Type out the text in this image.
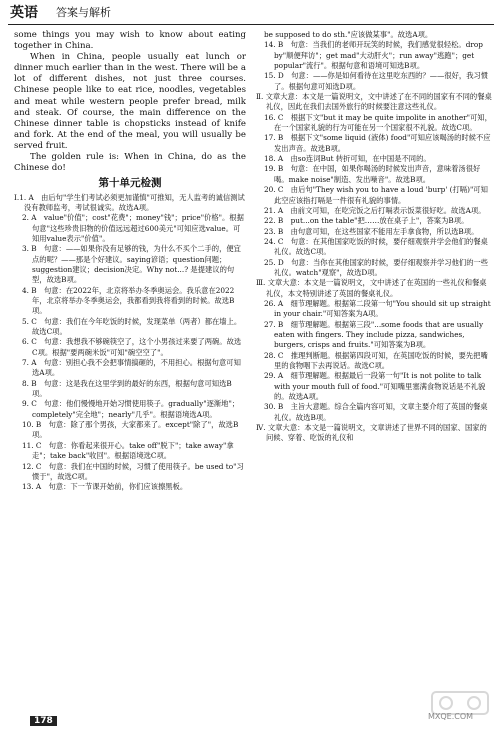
英语 答案与解析

some things you may wish to know about eating together in China.

When in China, people usually eat lunch or dinner much earlier than in the west. There will be a lot of different dishes, not just three courses. Chinese people like to eat rice, noodles, vegetables and meat while western people prefer bread, milk and steak. Of course, the main difference on the Chinese dinner table is chopsticks instead of knife and fork. At the end of the meal, you will usually be served fruit.

The golden rule is: When in China, do as the Chinese do!

第十单元检测

Ⅰ.1. A　由后句"学生们考试必须更加谨慎"可推知，无人监考的诚信测试没有教师监考，考试很诚实。故选A项。

2. A　value"价值"；cost"花费"；money"钱"；price"价格"。根据句意"这些珍贵旧物的价值远远超过600美元"可知应选value。可知用value表示"价值"。

3. B　句意：——如果你没有足够的钱，为什么不买个二手的，便宜点的呢？——那是个好建议。saying谚语；question问题；suggestion建议；decision决定。Why not...? 是提建议的句型，故选B项。

4. B　句意：在2022年，北京将举办冬季奥运会。我乐意在2022年，北京将举办冬季奥运会，我都看到我将看到的时候。故选B项。

5. C　句意：我们在今年吃饭的时候，发现菜单（两者）都在墙上。故选C项。

6. C　句意：我想我不够碗筷空了，这个小男孩过来要了两碗。故选C项。根据"要两碗米饭"可知"碗空空了"。

7. A　句意：别担心我不会把事情搞砸的，不用担心。根据句意可知选A项。

8. B　句意：这是我在这里学到的最好的东西，根据句意可知选B项。

9. C　句意：他们慢慢地开始习惯使用筷子。gradually"逐渐地"；completely"完全地"；nearly"几乎"。根据语境选A项。

10. B　句意：除了那个男孩，大家都来了。except"除了"，故选B项。

11. C　句意：你看起来很开心。take off"脱下"；take away"拿走"；take back"收回"。根据语境选C项。

12. C　句意：我们在中国的时候，习惯了使用筷子。be used to"习惯于"，故选C项。

13. A　句意：下一节课开始前，你们应该擦黑板。

be supposed to do sth."应该做某事"。故选A项。

14. B　句意：当我们的老师开玩笑的时候，我们感觉很轻松。drop by"顺便拜访"；get mad"大动肝火"；run away"逃跑"；get popular"流行"。根据句意和语境可知选B项。

15. D　句意：——你是如何看待在这里吃东西的？——很好，我习惯了。根据句意可知选D项。

Ⅱ. 文章大意：本文是一篇说明文，文中讲述了在不同的国家有不同的餐桌礼仪，因此在我们去国外旅行的时候要注意这些礼仪。

16. C　根据下文"but it may be quite impolite in another"可知，在一个国家礼貌的行为可能在另一个国家很不礼貌。故选C项。

17. B　根据下文"some liquid (液体) food"可知应该喝汤的时候不应发出声音。故选B项。

18. A　由so连词But 转折可知，在中国是不同的。

19. B　句意：在中国，如果你喝汤的时候发出声音，意味着汤很好喝。make noise"制造、发出噪音"。故选B项。

20. C　由后句"They wish you to have a loud 'burp' (打嗝)"可知此空应该指打嗝是一件很有礼貌的事情。

21. A　由前文可知，在吃完饭之后打嗝表示饭菜很好吃。故选A项。

22. B　put...on the table"把……放在桌子上"，答案为B项。

23. B　由句意可知，在这些国家不能用左手拿食物，所以选B项。

24. C　句意：在其他国家吃饭的时候，要仔细观察并学会他们的餐桌礼仪。故选C项。

25. D　句意：当你在其他国家的时候，要仔细观察并学习他们的一些礼仪。watch"观察"，故选D项。

Ⅲ. 文章大意：本文是一篇说明文，文中讲述了在英国的一些礼仪和餐桌礼仪，本文特别讲述了英国的餐桌礼仪。

26. A　细节理解题。根据第二段第一句"You should sit up straight in your chair."可知答案为A项。

27. B　细节理解题。根据第三段"...some foods that are usually eaten with fingers. They include pizza, sandwiches, burgers, crisps and fruits."可知答案为B项。

28. C　推理判断题。根据第四段可知，在英国吃饭的时候，要先把嘴里的食物咽下去再说话。故选C项。

29. A　细节理解题。根据最后一段第一句"It is not polite to talk with your mouth full of food."可知嘴里塞满食物说话是不礼貌的。故选A项。

30. B　主旨大意题。综合全篇内容可知，文章主要介绍了英国的餐桌礼仪。故选B项。

Ⅳ. 文章大意：本文是一篇说明文，文章讲述了世界不同的国家、国家的问候、穿着、吃饭的礼仪和

178	MXQE.COM
